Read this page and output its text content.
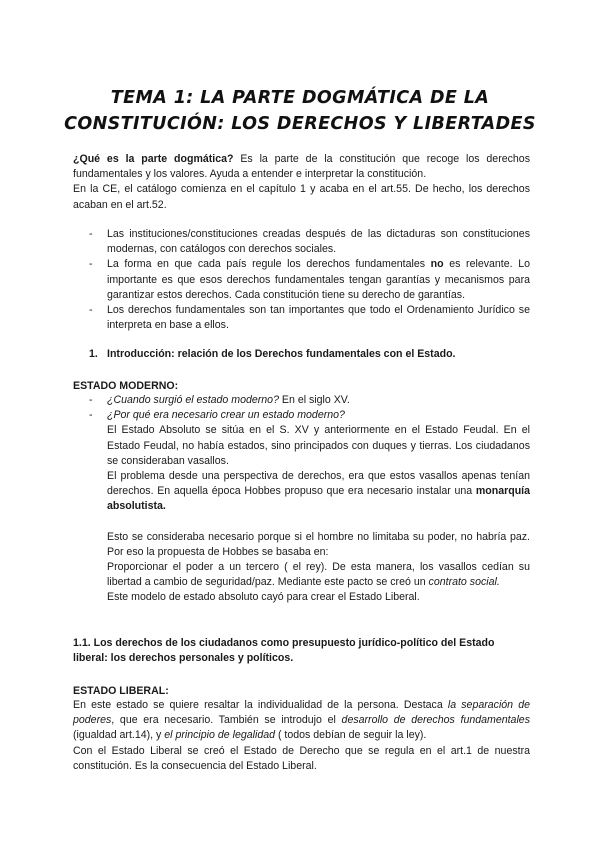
TEMA 1: LA PARTE DOGMÁTICA DE LA
CONSTITUCIÓN: LOS DERECHOS Y LIBERTADES
¿Qué es la parte dogmática? Es la parte de la constitución que recoge los derechos fundamentales y los valores. Ayuda a entender e interpretar la constitución.
En la CE, el catálogo comienza en el capítulo 1 y acaba en el art.55. De hecho, los derechos acaban en el art.52.
- Las instituciones/constituciones creadas después de las dictaduras son constituciones modernas, con catálogos con derechos sociales.
- La forma en que cada país regule los derechos fundamentales no es relevante. Lo importante es que esos derechos fundamentales tengan garantías y mecanismos para garantizar estos derechos. Cada constitución tiene su derecho de garantías.
- Los derechos fundamentales son tan importantes que todo el Ordenamiento Jurídico se interpreta en base a ellos.
1. Introducción: relación de los Derechos fundamentales con el Estado.
ESTADO MODERNO:
- ¿Cuando surgió el estado moderno? En el siglo XV.
- ¿Por qué era necesario crear un estado moderno?
El Estado Absoluto se sitúa en el S. XV y anteriormente en el Estado Feudal. En el Estado Feudal, no había estados, sino principados con duques y tierras. Los ciudadanos se consideraban vasallos.
El problema desde una perspectiva de derechos, era que estos vasallos apenas tenían derechos. En aquella época Hobbes propuso que era necesario instalar una monarquía absolutista.
Esto se consideraba necesario porque si el hombre no limitaba su poder, no habría paz. Por eso la propuesta de Hobbes se basaba en:
Proporcionar el poder a un tercero ( el rey). De esta manera, los vasallos cedían su libertad a cambio de seguridad/paz. Mediante este pacto se creó un contrato social.
Este modelo de estado absoluto cayó para crear el Estado Liberal.
1.1. Los derechos de los ciudadanos como presupuesto jurídico-político del Estado liberal: los derechos personales y políticos.
ESTADO LIBERAL:
En este estado se quiere resaltar la individualidad de la persona. Destaca la separación de poderes, que era necesario. También se introdujo el desarrollo de derechos fundamentales (igualdad art.14), y el principio de legalidad ( todos debían de seguir la ley).
Con el Estado Liberal se creó el Estado de Derecho que se regula en el art.1 de nuestra constitución. Es la consecuencia del Estado Liberal.
